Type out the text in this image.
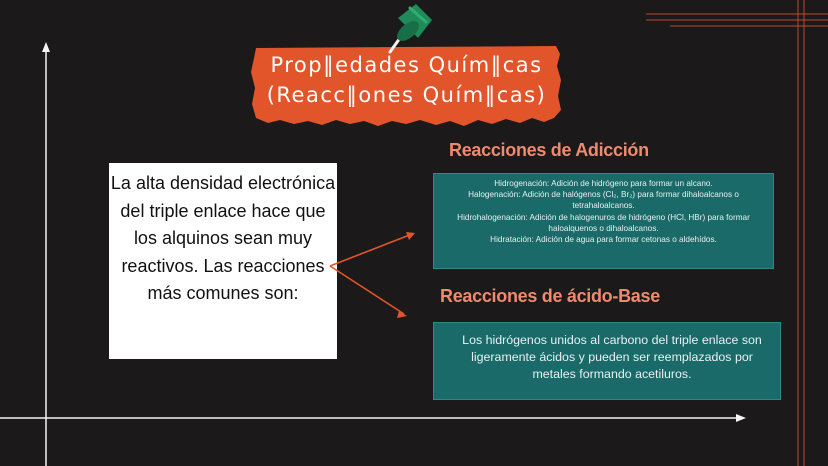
Prop‖edades Quím‖cas
(Reacc‖ones Quím‖cas)
La alta densidad electrónica del triple enlace hace que los alquinos sean muy reactivos. Las reacciones más comunes son:
Reacciones de Adicción
Reacciones de ácido-Base

Hidrogenación: Adición de hidrógeno para formar un alcano.

Halogenación: Adición de halógenos (Cl₂, Br₂) para formar dihaloalcanos o tetrahaloalcanos.

Hidrohalogenación: Adición de halogenuros de hidrógeno (HCl, HBr) para formar haloalquenos o dihaloalcanos.

Hidratación: Adición de agua para formar cetonas o aldehídos.

Los hidrógenos unidos al carbono del triple enlace son ligeramente ácidos y pueden ser reemplazados por metales formando acetiluros.
